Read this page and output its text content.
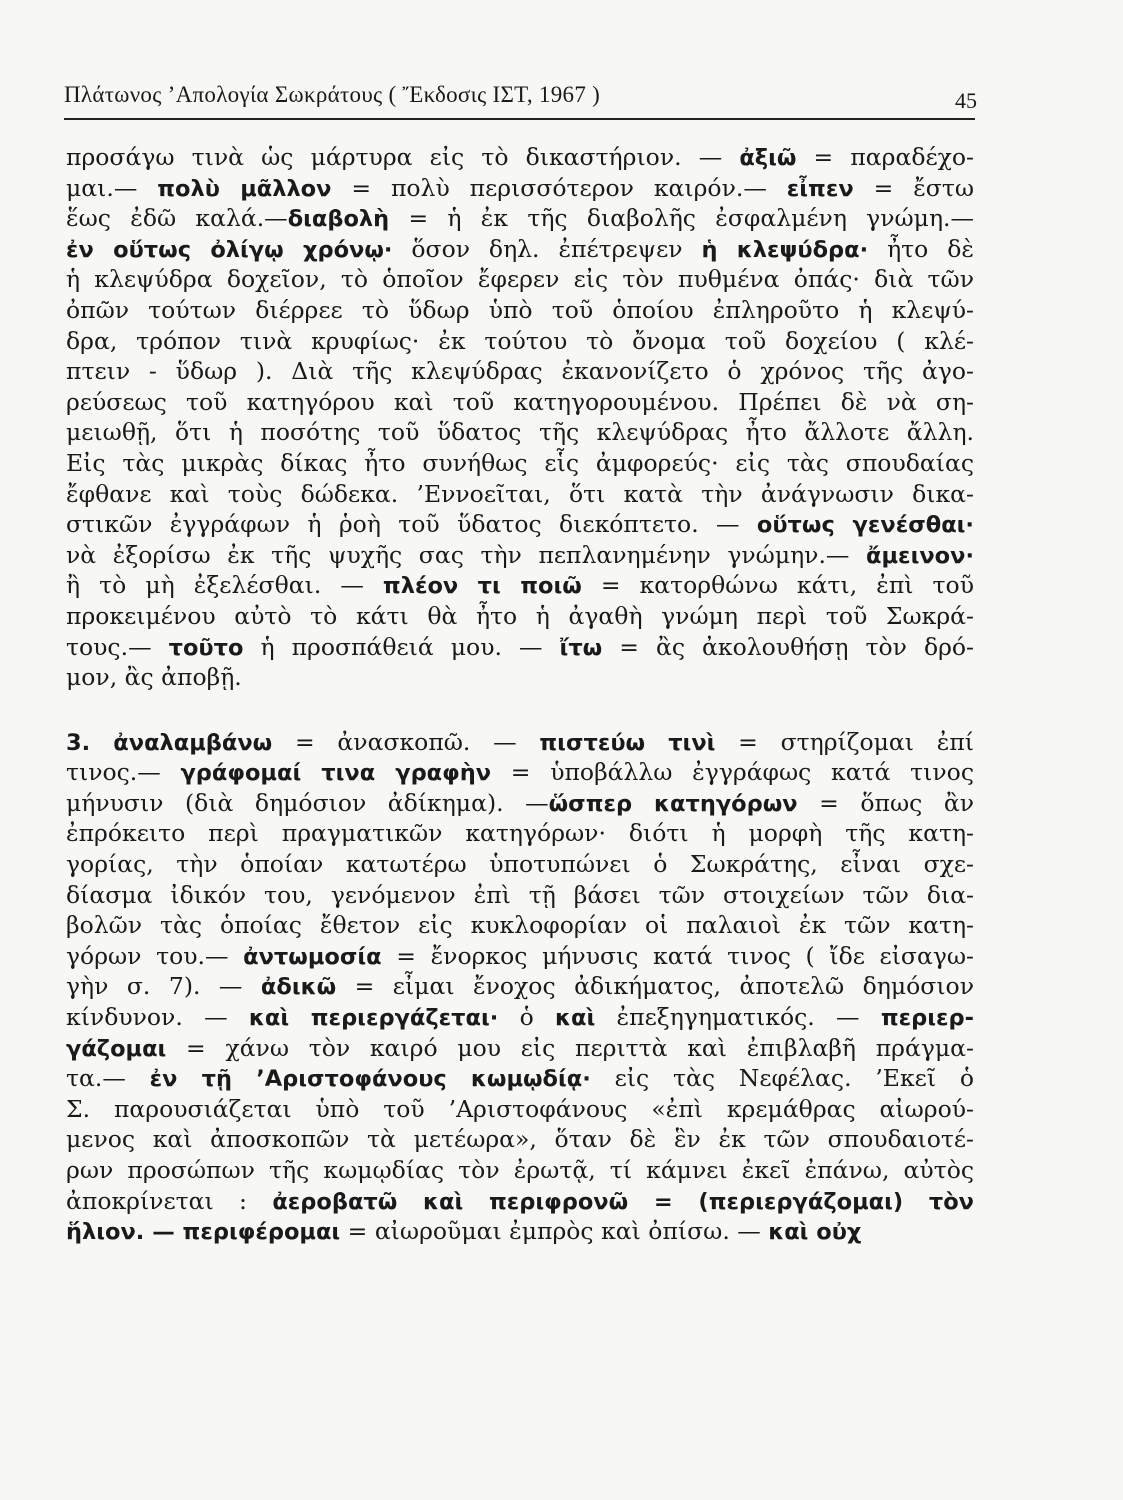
Πλάτωνος ’Απολογία Σωκράτους ( Ἔκδοσις ΙΣΤ, 1967 )	45
προσάγω τινὰ ὡς μάρτυρα εἰς τὸ δικαστήριον. — ἀξιῶ = παραδέχο-
μαι.— πολὺ μᾶλλον = πολὺ περισσότερον καιρόν.— εἶπεν = ἔστω
ἕως ἐδῶ καλά.—διαβολὴ = ἡ ἐκ τῆς διαβολῆς ἐσφαλμένη γνώμη.—
ἐν οὕτως ὀλίγῳ χρόνῳ· ὅσον δηλ. ἐπέτρεψεν ἡ κλεψύδρα· ἦτο δὲ
ἡ κλεψύδρα δοχεῖον, τὸ ὁποῖον ἔφερεν εἰς τὸν πυθμένα ὀπάς· διὰ τῶν
ὀπῶν τούτων διέρρεε τὸ ὕδωρ ὑπὸ τοῦ ὁποίου ἐπληροῦτο ἡ κλεψύ-
δρα, τρόπον τινὰ κρυφίως· ἐκ τούτου τὸ ὄνομα τοῦ δοχείου ( κλέ-
πτειν - ὕδωρ ). Διὰ τῆς κλεψύδρας ἐκανονίζετο ὁ χρόνος τῆς ἀγο-
ρεύσεως τοῦ κατηγόρου καὶ τοῦ κατηγορουμένου. Πρέπει δὲ νὰ ση-
μειωθῇ, ὅτι ἡ ποσότης τοῦ ὕδατος τῆς κλεψύδρας ἦτο ἄλλοτε ἄλλη.
Εἰς τὰς μικρὰς δίκας ἦτο συνήθως εἷς ἀμφορεύς· εἰς τὰς σπουδαίας
ἔφθανε καὶ τοὺς δώδεκα. ’Εννοεῖται, ὅτι κατὰ τὴν ἀνάγνωσιν δικα-
στικῶν ἐγγράφων ἡ ῥοὴ τοῦ ὕδατος διεκόπτετο. — οὕτως γενέσθαι·
νὰ ἐξορίσω ἐκ τῆς ψυχῆς σας τὴν πεπλανημένην γνώμην.— ἄμεινον·
ἢ τὸ μὴ ἐξελέσθαι. — πλέον τι ποιῶ = κατορθώνω κάτι, ἐπὶ τοῦ
προκειμένου αὐτὸ τὸ κάτι θὰ ἦτο ἡ ἀγαθὴ γνώμη περὶ τοῦ Σωκρά-
τους.— τοῦτο ἡ προσπάθειά μου. — ἴτω = ἂς ἀκολουθήσῃ τὸν δρό-
μον, ἂς ἀποβῇ.
3. ἀναλαμβάνω = ἀνασκοπῶ. — πιστεύω τινὶ = στηρίζομαι ἐπί
τινος.— γράφομαί τινα γραφὴν = ὑποβάλλω ἐγγράφως κατά τινος
μήνυσιν (διὰ δημόσιον ἀδίκημα). —ὥσπερ κατηγόρων = ὅπως ἂν
ἐπρόκειτο περὶ πραγματικῶν κατηγόρων· διότι ἡ μορφὴ τῆς κατη-
γορίας, τὴν ὁποίαν κατωτέρω ὑποτυπώνει ὁ Σωκράτης, εἶναι σχε-
δίασμα ἰδικόν του, γενόμενον ἐπὶ τῇ βάσει τῶν στοιχείων τῶν δια-
βολῶν τὰς ὁποίας ἔθετον εἰς κυκλοφορίαν οἱ παλαιοὶ ἐκ τῶν κατη-
γόρων του.— ἀντωμοσία = ἔνορκος μήνυσις κατά τινος ( ἴδε εἰσαγω-
γὴν σ. 7). — ἀδικῶ = εἶμαι ἔνοχος ἀδικήματος, ἀποτελῶ δημόσιον
κίνδυνον. — καὶ περιεργάζεται· ὁ καὶ ἐπεξηγηματικός. — περιερ-
γάζομαι = χάνω τὸν καιρό μου εἰς περιττὰ καὶ ἐπιβλαβῆ πράγμα-
τα.— ἐν τῇ ’Αριστοφάνους κωμῳδίᾳ· εἰς τὰς Νεφέλας. ’Εκεῖ ὁ
Σ. παρουσιάζεται ὑπὸ τοῦ ’Αριστοφάνους «ἐπὶ κρεμάθρας αἰωρού-
μενος καὶ ἀποσκοπῶν τὰ μετέωρα», ὅταν δὲ ἓν ἐκ τῶν σπουδαιοτέ-
ρων προσώπων τῆς κωμῳδίας τὸν ἐρωτᾷ, τί κάμνει ἐκεῖ ἐπάνω, αὐτὸς
ἀποκρίνεται : ἀεροβατῶ καὶ περιφρονῶ = (περιεργάζομαι) τὸν
ἥλιον. — περιφέρομαι = αἰωροῦμαι ἐμπρὸς καὶ ὀπίσω. — καὶ οὐχ
